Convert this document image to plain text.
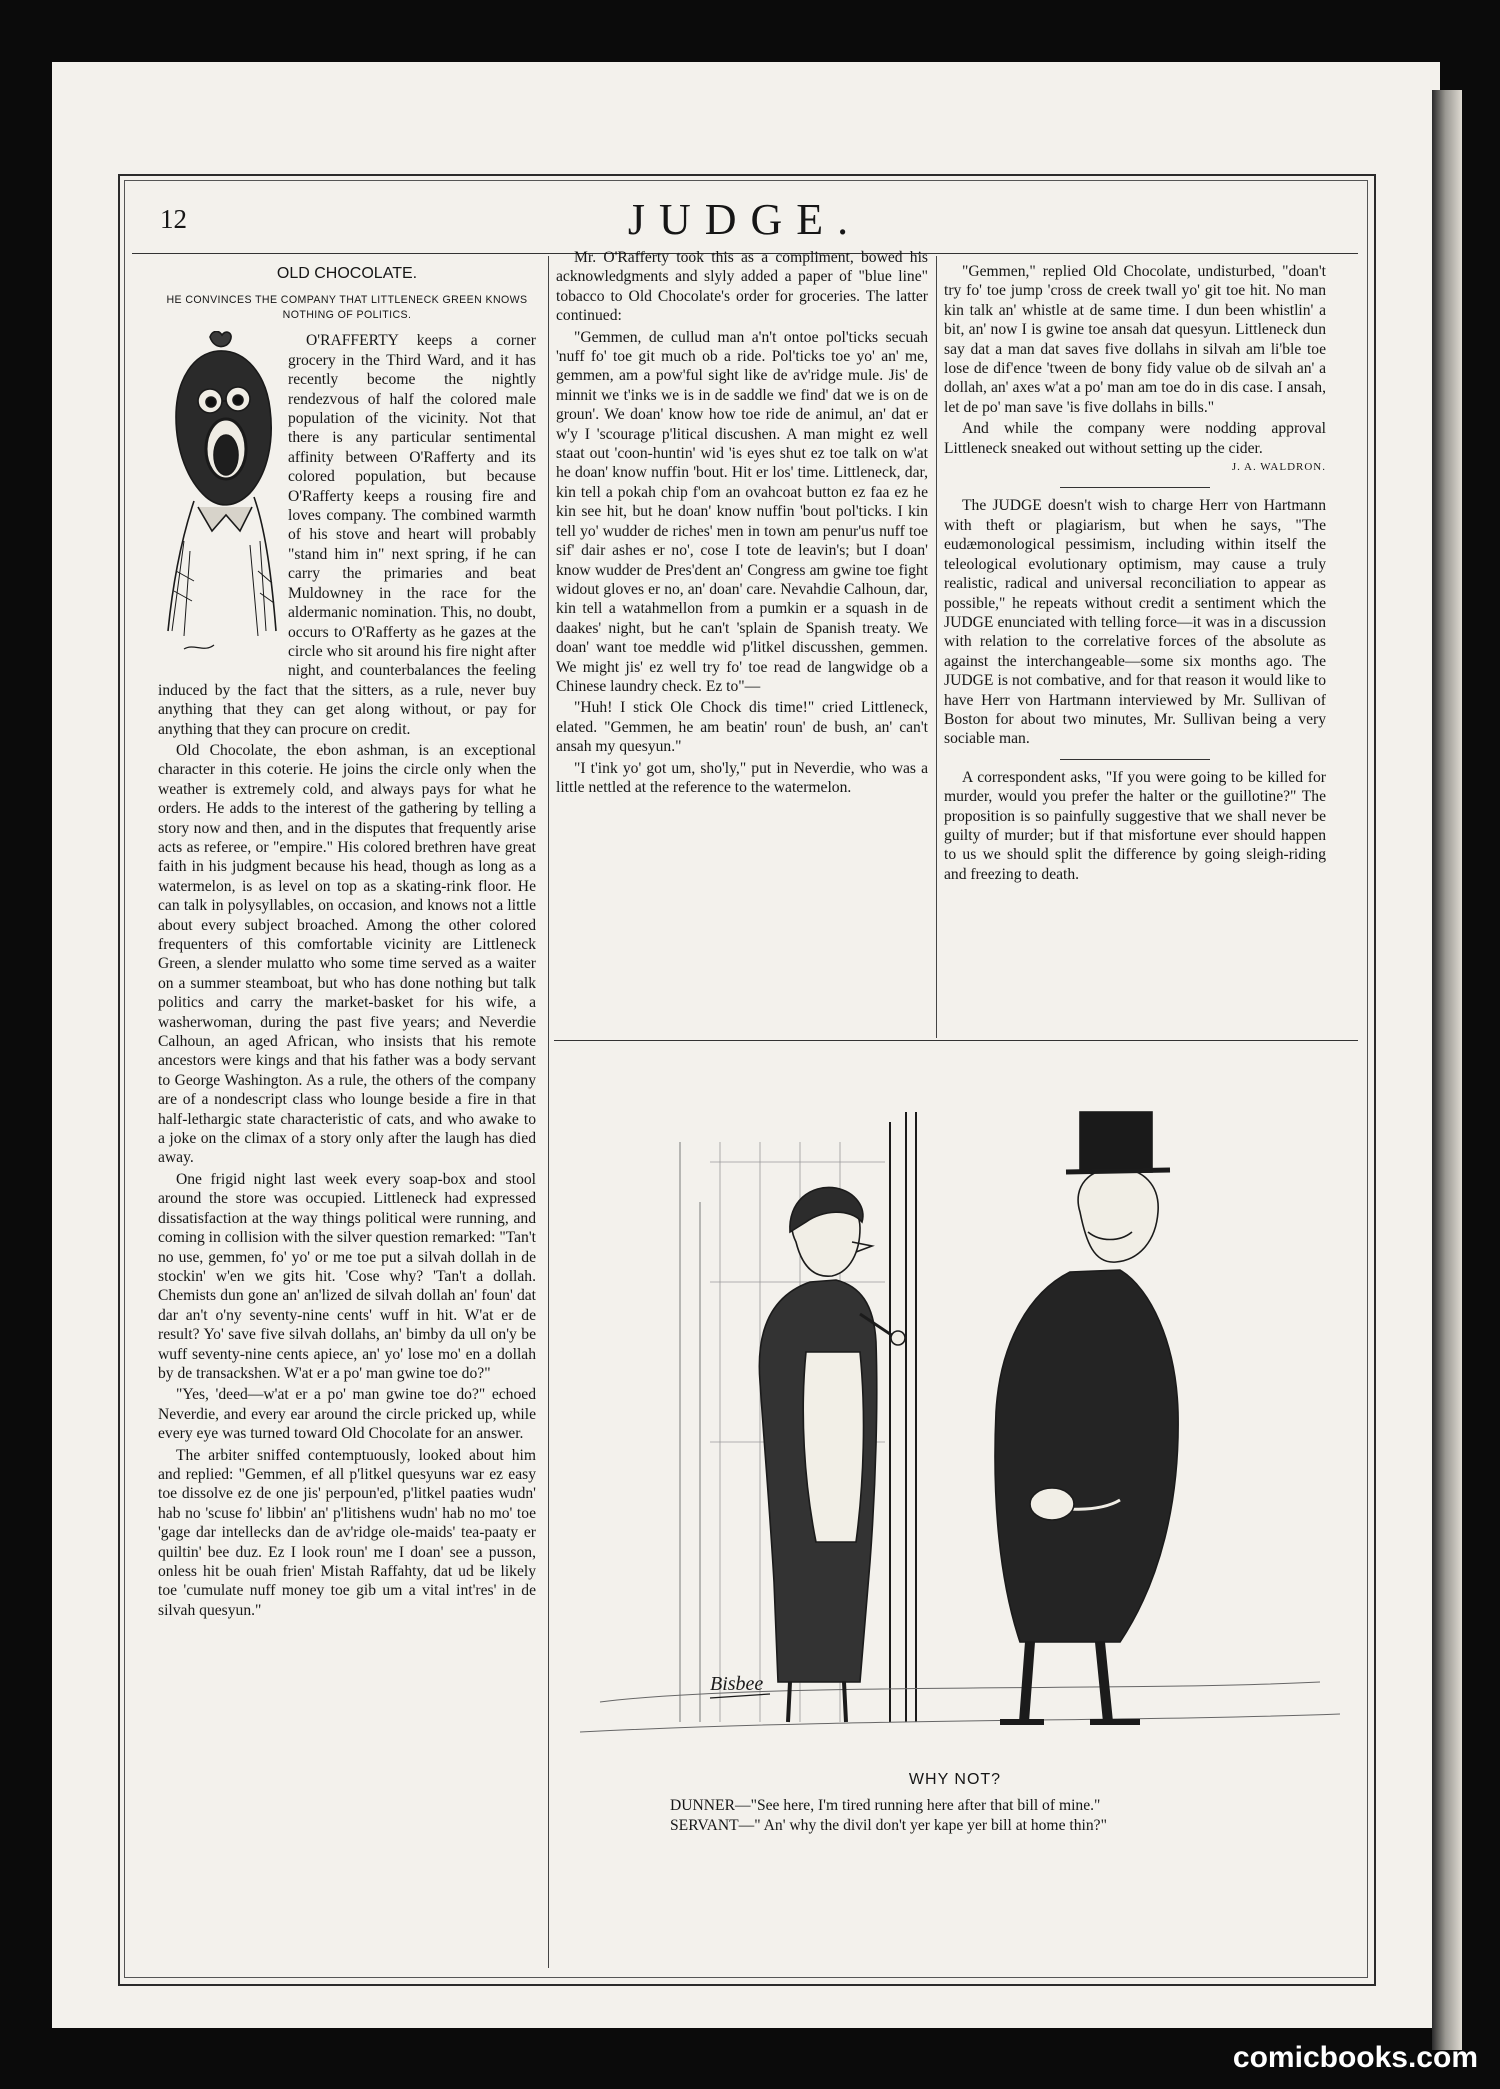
12	JUDGE.
OLD CHOCOLATE.
HE CONVINCES THE COMPANY THAT LITTLENECK GREEN KNOWS NOTHING OF POLITICS.

O'RAFFERTY keeps a corner grocery in the Third Ward, and it has recently become the nightly rendezvous of half the colored male population of the vicinity. Not that there is any particular sentimental affinity between O'Rafferty and its colored population, but because O'Rafferty keeps a rousing fire and loves company. The combined warmth of his stove and heart will probably "stand him in" next spring, if he can carry the primaries and beat Muldowney in the race for the aldermanic nomination. This, no doubt, occurs to O'Rafferty as he gazes at the circle who sit around his fire night after night, and counterbalances the feeling induced by the fact that the sitters, as a rule, never buy anything that they can get along without, or pay for anything that they can procure on credit.

Old Chocolate, the ebon ashman, is an exceptional character in this coterie. He joins the circle only when the weather is extremely cold, and always pays for what he orders. He adds to the interest of the gathering by telling a story now and then, and in the disputes that frequently arise acts as referee, or "empire." His colored brethren have great faith in his judgment because his head, though as long as a watermelon, is as level on top as a skating-rink floor. He can talk in polysyllables, on occasion, and knows not a little about every subject broached. Among the other colored frequenters of this comfortable vicinity are Littleneck Green, a slender mulatto who some time served as a waiter on a summer steamboat, but who has done nothing but talk politics and carry the market-basket for his wife, a washerwoman, during the past five years; and Neverdie Calhoun, an aged African, who insists that his remote ancestors were kings and that his father was a body servant to George Washington. As a rule, the others of the company are of a nondescript class who lounge beside a fire in that half-lethargic state characteristic of cats, and who awake to a joke on the climax of a story only after the laugh has died away.

One frigid night last week every soap-box and stool around the store was occupied. Littleneck had expressed dissatisfaction at the way things political were running, and coming in collision with the silver question remarked: "Tan't no use, gemmen, fo' yo' or me toe put a silvah dollah in de stockin' w'en we gits hit. 'Cose why? 'Tan't a dollah. Chemists dun gone an' an'lized de silvah dollah an' foun' dat dar an't o'ny seventy-nine cents' wuff in hit. W'at er de result? Yo' save five silvah dollahs, an' bimby da ull on'y be wuff seventy-nine cents apiece, an' yo' lose mo' en a dollah by de transackshen. W'at er a po' man gwine toe do?"

"Yes, 'deed—w'at er a po' man gwine toe do?" echoed Neverdie, and every ear around the circle pricked up, while every eye was turned toward Old Chocolate for an answer.

The arbiter sniffed contemptuously, looked about him and replied: "Gemmen, ef all p'litkel quesyuns war ez easy toe dissolve ez de one jis' perpoun'ed, p'litkel paaties wudn' hab no 'scuse fo' libbin' an' p'litishens wudn' hab no mo' toe 'gage dar intellecks dan de av'ridge ole-maids' tea-paaty er quiltin' bee duz. Ez I look roun' me I doan' see a pusson, onless hit be ouah frien' Mistah Raffahty, dat ud be likely toe 'cumulate nuff money toe gib um a vital int'res' in de silvah quesyun."

Mr. O'Rafferty took this as a compliment, bowed his acknowledgments and slyly added a paper of "blue line" tobacco to Old Chocolate's order for groceries. The latter continued:

"Gemmen, de cullud man a'n't ontoe pol'ticks secuah 'nuff fo' toe git much ob a ride. Pol'ticks toe yo' an' me, gemmen, am a pow'ful sight like de av'ridge mule. Jis' de minnit we t'inks we is in de saddle we find' dat we is on de groun'. We doan' know how toe ride de animul, an' dat er w'y I 'scourage p'litical discushen. A man might ez well staat out 'coon-huntin' wid 'is eyes shut ez toe talk on w'at he doan' know nuffin 'bout. Hit er los' time. Littleneck, dar, kin tell a pokah chip f'om an ovahcoat button ez faa ez he kin see hit, but he doan' know nuffin 'bout pol'ticks. I kin tell yo' wudder de riches' men in town am penur'us nuff toe sif' dair ashes er no', cose I tote de leavin's; but I doan' know wudder de Pres'dent an' Congress am gwine toe fight widout gloves er no, an' doan' care. Nevahdie Calhoun, dar, kin tell a watahmellon from a pumkin er a squash in de daakes' night, but he can't 'splain de Spanish treaty. We doan' want toe meddle wid p'litkel discusshen, gemmen. We might jis' ez well try fo' toe read de langwidge ob a Chinese laundry check. Ez to"—

"Huh! I stick Ole Chock dis time!" cried Littleneck, elated. "Gemmen, he am beatin' roun' de bush, an' can't ansah my quesyun."

"I t'ink yo' got um, sho'ly," put in Neverdie, who was a little nettled at the reference to the watermelon.

"Gemmen," replied Old Chocolate, undisturbed, "doan't try fo' toe jump 'cross de creek twall yo' git toe hit. No man kin talk an' whistle at de same time. I dun been whistlin' a bit, an' now I is gwine toe ansah dat quesyun. Littleneck dun say dat a man dat saves five dollahs in silvah am li'ble toe lose de dif'ence 'tween de bony fidy value ob de silvah an' a dollah, an' axes w'at a po' man am toe do in dis case. I ansah, let de po' man save 'is five dollahs in bills."

And while the company were nodding approval Littleneck sneaked out without setting up the cider.

J. A. WALDRON.

The JUDGE doesn't wish to charge Herr von Hartmann with theft or plagiarism, but when he says, "The eudæmonological pessimism, including within itself the teleological evolutionary optimism, may cause a truly realistic, radical and universal reconciliation to appear as possible," he repeats without credit a sentiment which the JUDGE enunciated with telling force—it was in a discussion with relation to the correlative forces of the absolute as against the interchangeable—some six months ago. The JUDGE is not combative, and for that reason it would like to have Herr von Hartmann interviewed by Mr. Sullivan of Boston for about two minutes, Mr. Sullivan being a very sociable man.

A correspondent asks, "If you were going to be killed for murder, would you prefer the halter or the guillotine?" The proposition is so painfully suggestive that we shall never be guilty of murder; but if that misfortune ever should happen to us we should split the difference by going sleigh-riding and freezing to death.

Bisbee
WHY NOT?
DUNNER—"See here, I'm tired running here after that bill of mine."
SERVANT—" An' why the divil don't yer kape yer bill at home thin?"
comicbooks.com
